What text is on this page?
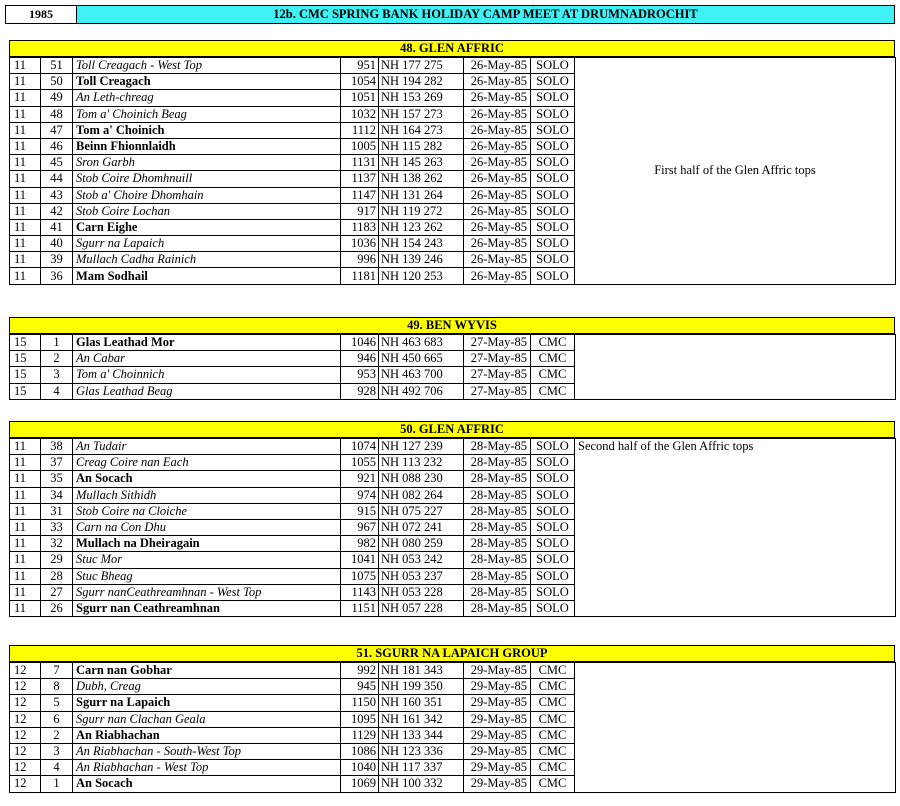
1985	12b. CMC SPRING BANK HOLIDAY CAMP MEET AT DRUMNADROCHIT
48. GLEN AFFRIC
11	51	Toll Creagach - West Top	951	NH 177 275	26-May-85	SOLO	First half of the Glen Affric tops
11	50	Toll Creagach	1054	NH 194 282	26-May-85	SOLO	
11	49	An Leth-chreag	1051	NH 153 269	26-May-85	SOLO	
11	48	Tom a' Choinich Beag	1032	NH 157 273	26-May-85	SOLO	
11	47	Tom a' Choinich	1112	NH 164 273	26-May-85	SOLO	
11	46	Beinn Fhionnlaidh	1005	NH 115 282	26-May-85	SOLO	
11	45	Sron Garbh	1131	NH 145 263	26-May-85	SOLO	
11	44	Stob Coire Dhomhnuill	1137	NH 138 262	26-May-85	SOLO	
11	43	Stob a' Choire Dhomhain	1147	NH 131 264	26-May-85	SOLO	
11	42	Stob Coire Lochan	917	NH 119 272	26-May-85	SOLO	
11	41	Carn Eighe	1183	NH 123 262	26-May-85	SOLO	
11	40	Sgurr na Lapaich	1036	NH 154 243	26-May-85	SOLO	
11	39	Mullach Cadha Rainich	996	NH 139 246	26-May-85	SOLO	
11	36	Mam Sodhail	1181	NH 120 253	26-May-85	SOLO	
49. BEN WYVIS
15	1	Glas Leathad Mor	1046	NH 463 683	27-May-85	CMC	
15	2	An Cabar	946	NH 450 665	27-May-85	CMC	
15	3	Tom a' Choinnich	953	NH 463 700	27-May-85	CMC	
15	4	Glas Leathad Beag	928	NH 492 706	27-May-85	CMC	
50. GLEN AFFRIC
11	38	An Tudair	1074	NH 127 239	28-May-85	SOLO	Second half of the Glen Affric tops
11	37	Creag Coire nan Each	1055	NH 113 232	28-May-85	SOLO	
11	35	An Socach	921	NH 088 230	28-May-85	SOLO	
11	34	Mullach Sithidh	974	NH 082 264	28-May-85	SOLO	
11	31	Stob Coire na Cloiche	915	NH 075 227	28-May-85	SOLO	
11	33	Carn na Con Dhu	967	NH 072 241	28-May-85	SOLO	
11	32	Mullach na Dheiragain	982	NH 080 259	28-May-85	SOLO	
11	29	Stuc Mor	1041	NH 053 242	28-May-85	SOLO	
11	28	Stuc Bheag	1075	NH 053 237	28-May-85	SOLO	
11	27	Sgurr nanCeathreamhnan - West Top	1143	NH 053 228	28-May-85	SOLO	
11	26	Sgurr nan Ceathreamhnan	1151	NH 057 228	28-May-85	SOLO	
51. SGURR NA LAPAICH GROUP
12	7	Carn nan Gobhar	992	NH 181 343	29-May-85	CMC	
12	8	Dubh, Creag	945	NH 199 350	29-May-85	CMC	
12	5	Sgurr na Lapaich	1150	NH 160 351	29-May-85	CMC	
12	6	Sgurr nan Clachan Geala	1095	NH 161 342	29-May-85	CMC	
12	2	An Riabhachan	1129	NH 133 344	29-May-85	CMC	
12	3	An Riabhachan - South-West Top	1086	NH 123 336	29-May-85	CMC	
12	4	An Riabhachan - West Top	1040	NH 117 337	29-May-85	CMC	
12	1	An Socach	1069	NH 100 332	29-May-85	CMC	
